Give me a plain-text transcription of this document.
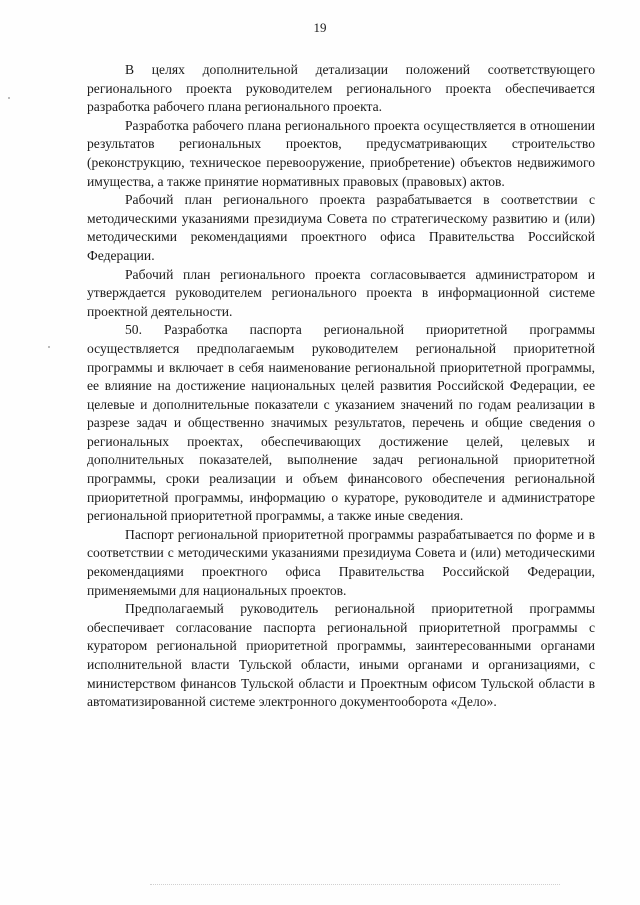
19

В целях дополнительной детализации положений соответствующего регионального проекта руководителем регионального проекта обеспечивается разработка рабочего плана регионального проекта.

Разработка рабочего плана регионального проекта осуществляется в отношении результатов региональных проектов, предусматривающих строительство (реконструкцию, техническое перевооружение, приобретение) объектов недвижимого имущества, а также принятие нормативных правовых (правовых) актов.

Рабочий план регионального проекта разрабатывается в соответствии с методическими указаниями президиума Совета по стратегическому развитию и (или) методическими рекомендациями проектного офиса Правительства Российской Федерации.

Рабочий план регионального проекта согласовывается администратором и утверждается руководителем регионального проекта в информационной системе проектной деятельности.

50. Разработка паспорта региональной приоритетной программы осуществляется предполагаемым руководителем региональной приоритетной программы и включает в себя наименование региональной приоритетной программы, ее влияние на достижение национальных целей развития Российской Федерации, ее целевые и дополнительные показатели с указанием значений по годам реализации в разрезе задач и общественно значимых результатов, перечень и общие сведения о региональных проектах, обеспечивающих достижение целей, целевых и дополнительных показателей, выполнение задач региональной приоритетной программы, сроки реализации и объем финансового обеспечения региональной приоритетной программы, информацию о кураторе, руководителе и администраторе региональной приоритетной программы, а также иные сведения.

Паспорт региональной приоритетной программы разрабатывается по форме и в соответствии с методическими указаниями президиума Совета и (или) методическими рекомендациями проектного офиса Правительства Российской Федерации, применяемыми для национальных проектов.

Предполагаемый руководитель региональной приоритетной программы обеспечивает согласование паспорта региональной приоритетной программы с куратором региональной приоритетной программы, заинтересованными органами исполнительной власти Тульской области, иными органами и организациями, с министерством финансов Тульской области и Проектным офисом Тульской области в автоматизированной системе электронного документооборота «Дело».
